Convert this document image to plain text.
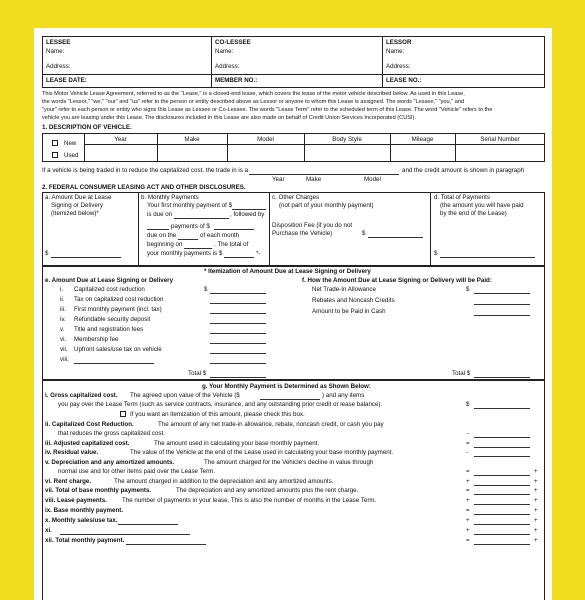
LESSEE
Name:
Address:
CO-LESSEE
Name:
Address:
LESSOR
Name:
Address:
LEASE DATE:	MEMBER NO.:	LEASE NO.:
This Motor Vehicle Lease Agreement, referred to as the "Lease," is a closed-end lease, which covers the lease of the motor vehicle described below. As used in this Lease,
the words "Lessor," "we," "our" and "us" refer to the person or entity described above as Lessor or anyone to whom this Lease is assigned. The words "Lessee," "you," and
"your" refer to each person or entity who signs this Lease as Lessee or Co-Lessee. The words "Lease Term" refer to the scheduled term of this Lease. The word "Vehicle" refers to the
vehicle you are leasing under this Lease. The disclosures included in this Lease are also made on behalf of Credit Union Services Incorporated (CUSI).
1. DESCRIPTION OF VEHICLE.
New
Used
Year	Make	Model	Body Style	Mileage	Serial Number
If a vehicle is being traded in to reduce the capitalized cost, the trade in is a	and the credit amount is shown in paragraph
Year	Make	Model
2. FEDERAL CONSUMER LEASING ACT AND OTHER DISCLOSURES.
a. Amount Due at Lease
Signing or Delivery
(Itemized below)*
$
b. Monthly Payments
Your first monthly payment of $
is due on	, followed by
payments of $
due on the	of each month
beginning on	. The total of
your monthly payments is $	*-
c. Other Charges
(not part of your monthly payment)
Disposition Fee (if you do not
Purchase the Vehicle)	$
d. Total of Payments
(the amount you will have paid
by the end of the Lease)
$
* Itemization of Amount Due at Lease Signing or Delivery
e. Amount Due at Lease Signing or Delivery	f. How the Amount Due at Lease Signing or Delivery will be Paid:
i. Capitalized cost reduction
ii. Tax on capitalized cost reduction
iii. First monthly payment (incl. tax)
iv. Refundable security deposit
v. Title and registration fees
vi. Membership fee
vii. Upfront sales/use tax on vehicle
viii.
$
Total $
Net Trade-In Allowance
Rebates and Noncash Credits
Amount to be Paid in Cash
$
Total $
g. Your Monthly Payment is Determined as Shown Below:
i. Gross capitalized cost. The agreed upon value of the Vehicle ($	) and any items
you pay over the Lease Term (such as service contracts, insurance, and any outstanding prior credit or lease balance).	$
If you want an itemization of this amount, please check this box.
ii. Capitalized Cost Reduction.	The amount of any net trade-in allowance, rebate, noncash credit, or cash you pay
that reduces the gross capitalized cost.	-
iii. Adjusted capitalized cost.	The amount used in calculating your base monthly payment.	=
iv. Residual value.	The value of the Vehicle at the end of the Lease used in calculating your base monthly payment.	-
v. Depreciation and any amortized amounts.	The amount charged for the Vehicle's decline in value through
normal use and for other items paid over the Lease Term.	=	+
vi. Rent charge.	The amount charged in addition to the depreciation and any amortized amounts.	+	+
vii. Total of base monthly payments.	The depreciation and any amortized amounts plus the rent charge.	=	+
viii. Lease payments. The number of payments in your lease. This is also the number of months in the Lease Term.	+	+
ix. Base monthly payment.	=	+
x. Monthly sales/use tax.	+	+
xi.	+	+
xii. Total monthly payment.	=	+
